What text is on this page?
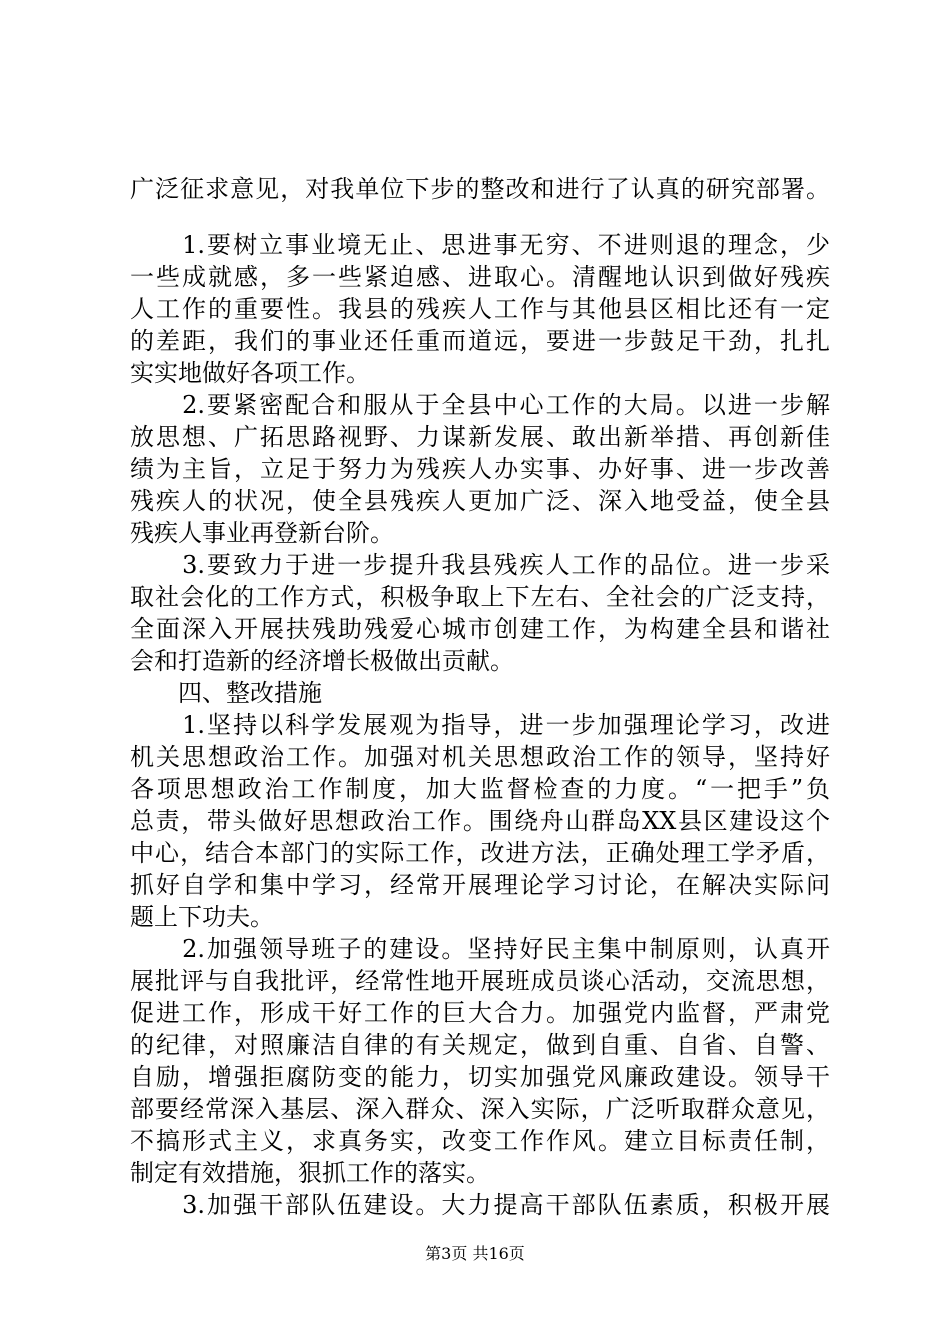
广泛征求意见，对我单位下步的整改和进行了认真的研究部署。
　　1.要树立事业境无止、思进事无穷、不进则退的理念，少
一些成就感，多一些紧迫感、进取心。清醒地认识到做好残疾
人工作的重要性。我县的残疾人工作与其他县区相比还有一定
的差距，我们的事业还任重而道远，要进一步鼓足干劲，扎扎
实实地做好各项工作。
　　2.要紧密配合和服从于全县中心工作的大局。以进一步解
放思想、广拓思路视野、力谋新发展、敢出新举措、再创新佳
绩为主旨，立足于努力为残疾人办实事、办好事、进一步改善
残疾人的状况，使全县残疾人更加广泛、深入地受益，使全县
残疾人事业再登新台阶。
　　3.要致力于进一步提升我县残疾人工作的品位。进一步采
取社会化的工作方式，积极争取上下左右、全社会的广泛支持，
全面深入开展扶残助残爱心城市创建工作，为构建全县和谐社
会和打造新的经济增长极做出贡献。
　　四、整改措施
　　1.坚持以科学发展观为指导，进一步加强理论学习，改进
机关思想政治工作。加强对机关思想政治工作的领导，坚持好
各项思想政治工作制度，加大监督检查的力度。“一把手”负
总责，带头做好思想政治工作。围绕舟山群岛XX县区建设这个
中心，结合本部门的实际工作，改进方法，正确处理工学矛盾，
抓好自学和集中学习，经常开展理论学习讨论，在解决实际问
题上下功夫。
　　2.加强领导班子的建设。坚持好民主集中制原则，认真开
展批评与自我批评，经常性地开展班成员谈心活动，交流思想，
促进工作，形成干好工作的巨大合力。加强党内监督，严肃党
的纪律，对照廉洁自律的有关规定，做到自重、自省、自警、
自励，增强拒腐防变的能力，切实加强党风廉政建设。领导干
部要经常深入基层、深入群众、深入实际，广泛听取群众意见，
不搞形式主义，求真务实，改变工作作风。建立目标责任制，
制定有效措施，狠抓工作的落实。
　　3.加强干部队伍建设。大力提高干部队伍素质，积极开展
第3页 共16页
